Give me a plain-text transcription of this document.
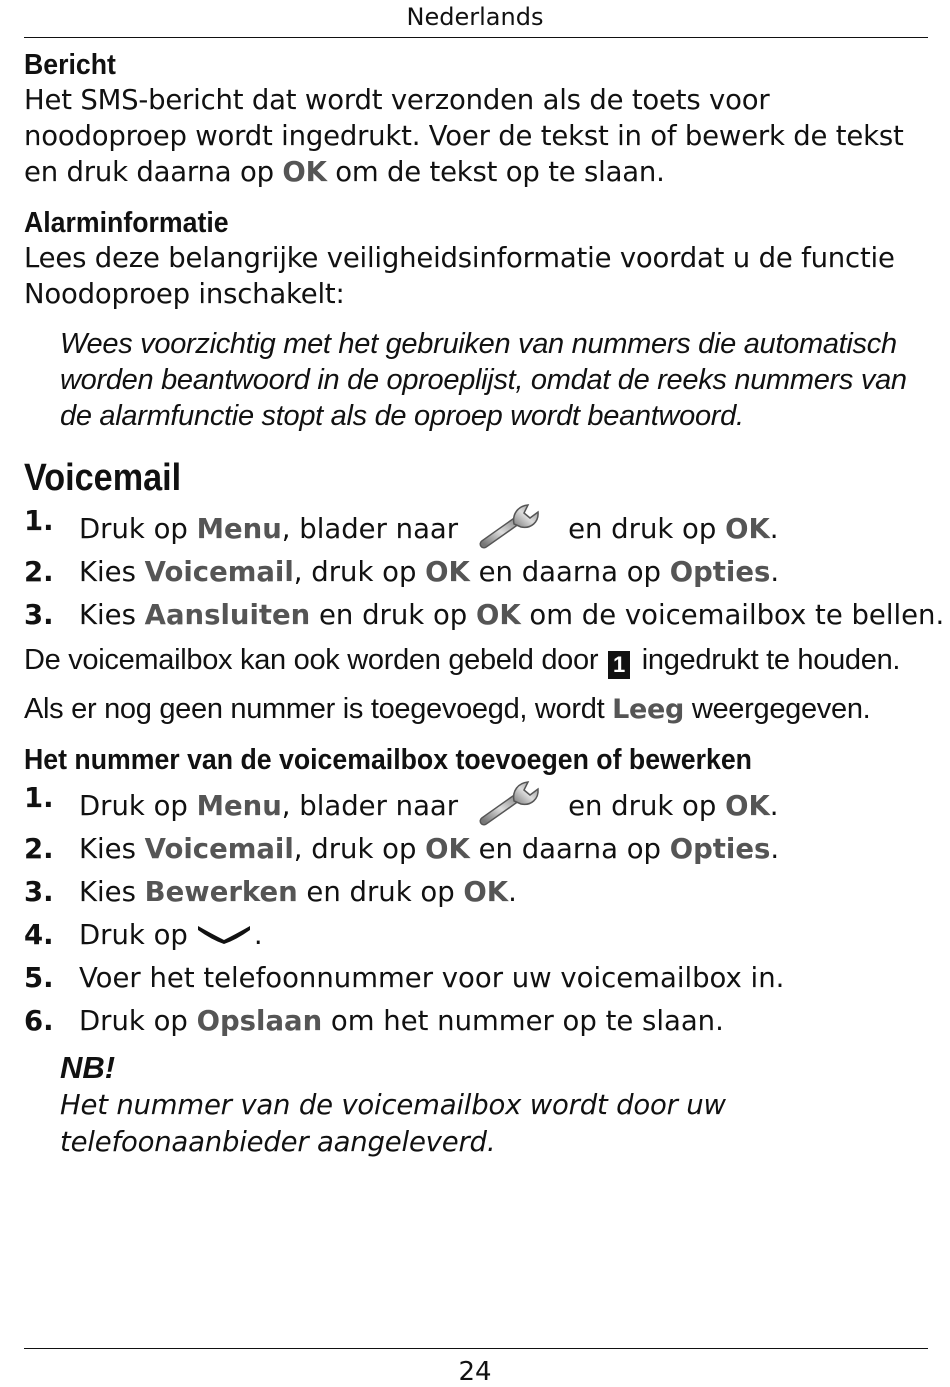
Nederlands
Bericht

Het SMS-bericht dat wordt verzonden als de toets voor noodoproep wordt ingedrukt. Voer de tekst in of bewerk de tekst en druk daarna op OK om de tekst op te slaan.

Alarminformatie

Lees deze belangrijke veiligheidsinformatie voordat u de functie Noodoproep inschakelt:

Wees voorzichtig met het gebruiken van nummers die automatisch worden beantwoord in de oproeplijst, omdat de reeks nummers van de alarmfunctie stopt als de oproep wordt beantwoord.

Voicemail
1. Druk op Menu, blader naar	en druk op OK.
2. Kies Voicemail, druk op OK en daarna op Opties.
3. Kies Aansluiten en druk op OK om de voicemailbox te bellen.

De voicemailbox kan ook worden gebeld door 1 ingedrukt te houden.

Als er nog geen nummer is toegevoegd, wordt Leeg weergegeven.

Het nummer van de voicemailbox toevoegen of bewerken
1. Druk op Menu, blader naar	en druk op OK.
2. Kies Voicemail, druk op OK en daarna op Opties.
3. Kies Bewerken en druk op OK.
4. Druk op .
5. Voer het telefoonnummer voor uw voicemailbox in.
6. Druk op Opslaan om het nummer op te slaan.
NB!

Het nummer van de voicemailbox wordt door uw telefoonaanbieder aangeleverd.

24
